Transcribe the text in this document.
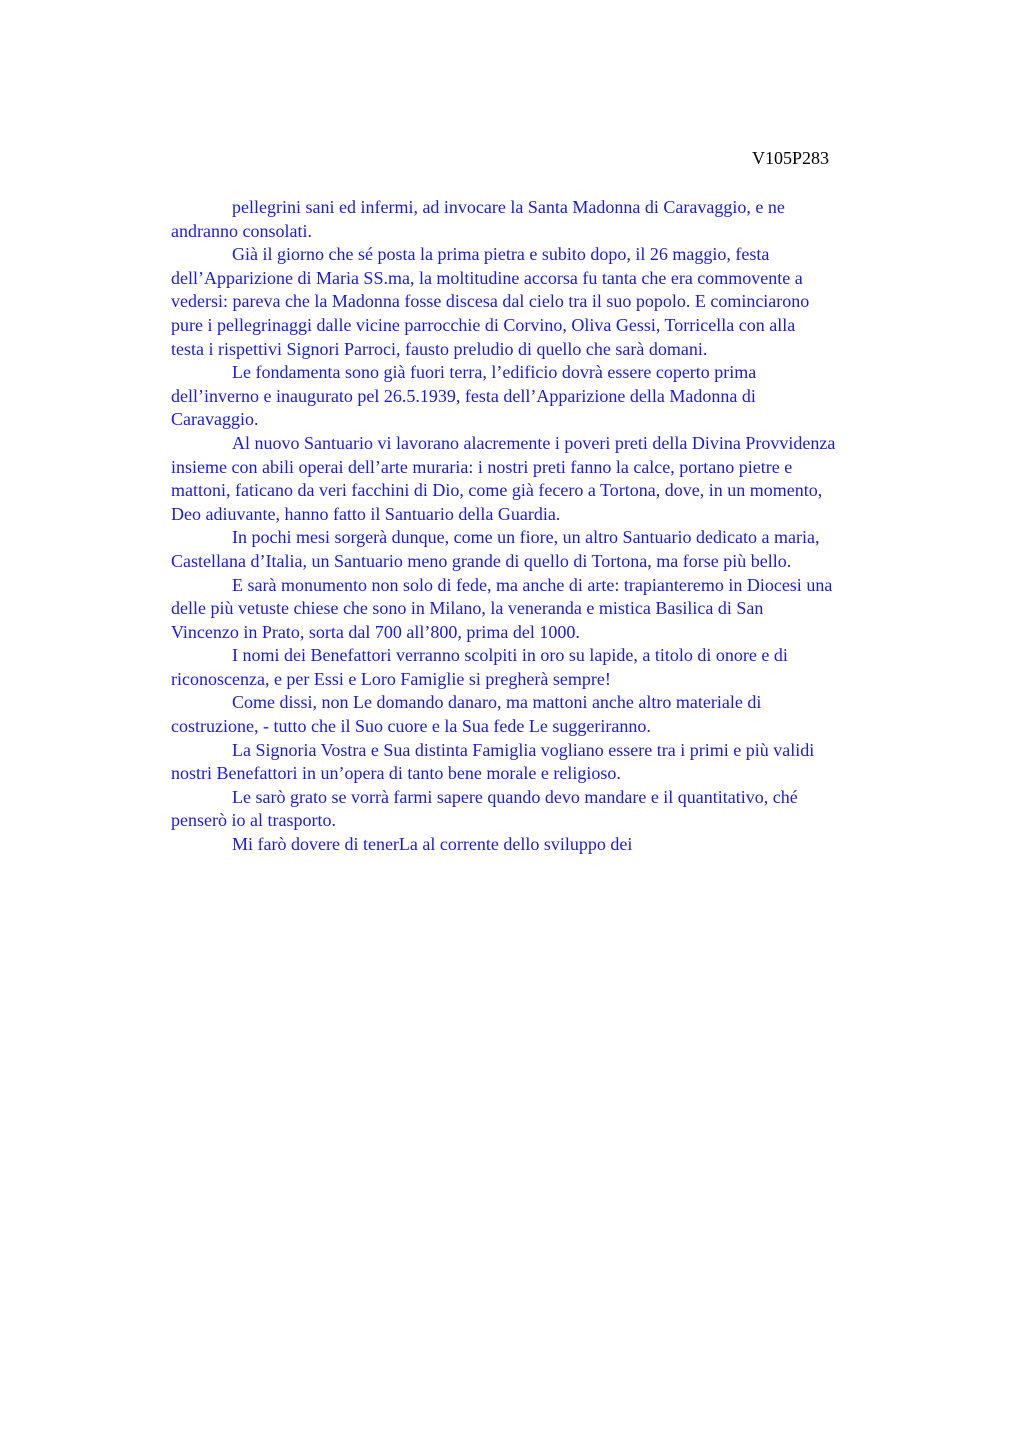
V105P283

pellegrini sani ed infermi, ad invocare la Santa Madonna di Caravaggio, e ne
andranno consolati.

Già il giorno che sé posta la prima pietra e subito dopo, il 26 maggio, festa
dell’Apparizione di Maria SS.ma, la moltitudine accorsa fu tanta che era commovente a
vedersi: pareva che la Madonna fosse discesa dal cielo tra il suo popolo. E cominciarono
pure i pellegrinaggi dalle vicine parrocchie di Corvino, Oliva Gessi, Torricella con alla
testa i rispettivi Signori Parroci, fausto preludio di quello che sarà domani.

Le fondamenta sono già fuori terra, l’edificio dovrà essere coperto prima
dell’inverno e inaugurato pel 26.5.1939, festa dell’Apparizione della Madonna di
Caravaggio.

Al nuovo Santuario vi lavorano alacremente i poveri preti della Divina Provvidenza
insieme con abili operai dell’arte muraria: i nostri preti fanno la calce, portano pietre e
mattoni, faticano da veri facchini di Dio, come già fecero a Tortona, dove, in un momento,
Deo adiuvante, hanno fatto il Santuario della Guardia.

In pochi mesi sorgerà dunque, come un fiore, un altro Santuario dedicato a maria,
Castellana d’Italia, un Santuario meno grande di quello di Tortona, ma forse più bello.

E sarà monumento non solo di fede, ma anche di arte: trapianteremo in Diocesi una
delle più vetuste chiese che sono in Milano, la veneranda e mistica Basilica di San
Vincenzo in Prato, sorta dal 700 all’800, prima del 1000.

I nomi dei Benefattori verranno scolpiti in oro su lapide, a titolo di onore e di
riconoscenza, e per Essi e Loro Famiglie si pregherà sempre!

Come dissi, non Le domando danaro, ma mattoni anche altro materiale di
costruzione, - tutto che il Suo cuore e la Sua fede Le suggeriranno.

La Signoria Vostra e Sua distinta Famiglia vogliano essere tra i primi e più validi
nostri Benefattori in un’opera di tanto bene morale e religioso.

Le sarò grato se vorrà farmi sapere quando devo mandare e il quantitativo, ché
penserò io al trasporto.

Mi farò dovere di tenerLa al corrente dello sviluppo dei
